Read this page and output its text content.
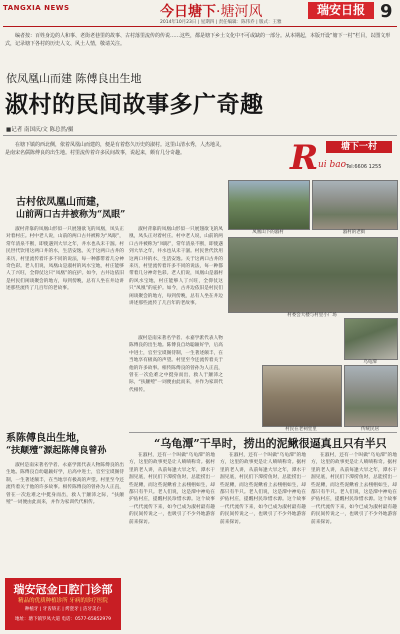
TANGXIA NEWS	今日塘下·塘河风	瑞安日报 9
2014年10月23日 | 星期四 | 责任编辑：陈伟乔 | 版式：王雅
编者按：百姓身边的人和事、老街老巷里的故事、古村落里流传的传说……这些，都是塘下乡土文化中不可或缺的一部分。从本期起，本版开设“塘下一村”栏目，以图文形式，记录塘下各村的历史人文、风土人情，敬请关注。
依凤凰山而建 陈傅良出生地
淑村的民间故事多广奇趣
■记者 南国庆/文 陈总然/摄
在塘下镇的西北侧，依着凤凰山而建的，便是有着悠久历史的淑村。这里山清水秀，人杰地灵，是南宋名儒陈傅良的出生地。村里流传着许多民间故事，说起来，颇有几分奇趣。	R	塘下一村
ui bao Tel:6606 1255
凤凰山下的淑村	淑村的老街
村委会大楼与村里小广场
乌龟潭
村民在老祠堂里	传统民居
古村依凤凰山而建，
山前两口古井被称为“凤眼”
淑村背靠的凤凰山形似一只展翅欲飞的凤凰，凤头正对着村庄。村中老人说，山前的两口古井被称为“凤眼”，常年清泉不断，即使遇到大旱之年，井水也从未干涸。村民世代饮用这两口井的水，生活安逸。关于这两口古井的来历，村里流传着许多不同的说法，每一种都带着几分神奇色彩。老人们说，凤凰山是淑村的风水宝地，村庄能够人丁兴旺，全仰仗这只“凤凰”的庇护。如今，古井边依旧是村民们闲谈聚会的地方，每到傍晚，总有人坐在井边讲述那些流传了几百年的老故事。
淑村背靠的凤凰山形似一只展翅欲飞的凤凰，凤头正对着村庄。村中老人说，山前的两口古井被称为“凤眼”，常年清泉不断，即使遇到大旱之年，井水也从未干涸。村民世代饮用这两口井的水，生活安逸。关于这两口古井的来历，村里流传着许多不同的说法，每一种都带着几分神奇色彩。老人们说，凤凰山是淑村的风水宝地，村庄能够人丁兴旺，全仰仗这只“凤凰”的庇护。如今，古井边依旧是村民们闲谈聚会的地方，每到傍晚，总有人坐在井边讲述那些流传了几百年的老故事。
系陈傅良出生地，
“扶颠殪”源起陈傅良曾孙
淑村是南宋著名学者、永嘉学派代表人物陈傅良的出生地。陈傅良自幼聪颖好学，后高中进士，官至宝谟阁待制，一生著述颇丰，在当地享有极高的声望。村里至今还流传着关于他的许多故事。相传陈傅良的曾孙为人正直，曾在一次危难之中挺身而出，救人于颠沛之际，“扶颠殪”一词便由此而来，并作为家训代代相传。
淑村是南宋著名学者、永嘉学派代表人物陈傅良的出生地。陈傅良自幼聪颖好学，后高中进士，官至宝谟阁待制，一生著述颇丰，在当地享有极高的声望。村里至今还流传着关于他的许多故事。相传陈傅良的曾孙为人正直，曾在一次危难之中挺身而出，救人于颠沛之际，“扶颠殪”一词便由此而来，并作为家训代代相传。
“乌龟潭”干旱时，捞出的泥鳅很逼真且只有半只
在淑村，还有一个叫做“乌龟潭”的地方，这里的故事更是让人啧啧称奇。据村里的老人讲，从前每逢大旱之年，潭水干涸见底，村民们下潭捞鱼时，总能捞出一些泥鳅，而这些泥鳅看上去栩栩如生，却都只有半只。老人们说，这是潭中神龟在护佑村庄，提醒村民珍惜水源。这个故事一代代流传下来，如今已成为淑村最有趣的民间传说之一，也吸引了不少外地游客前来探访。
在淑村，还有一个叫做“乌龟潭”的地方，这里的故事更是让人啧啧称奇。据村里的老人讲，从前每逢大旱之年，潭水干涸见底，村民们下潭捞鱼时，总能捞出一些泥鳅，而这些泥鳅看上去栩栩如生，却都只有半只。老人们说，这是潭中神龟在护佑村庄，提醒村民珍惜水源。这个故事一代代流传下来，如今已成为淑村最有趣的民间传说之一，也吸引了不少外地游客前来探访。
在淑村，还有一个叫做“乌龟潭”的地方，这里的故事更是让人啧啧称奇。据村里的老人讲，从前每逢大旱之年，潭水干涸见底，村民们下潭捞鱼时，总能捞出一些泥鳅，而这些泥鳅看上去栩栩如生，却都只有半只。老人们说，这是潭中神龟在护佑村庄，提醒村民珍惜水源。这个故事一代代流传下来，如今已成为淑村最有趣的民间传说之一，也吸引了不少外地游客前来探访。
瑞安冠金口腔门诊部
精品的优质种植诊所 牙病的诊疗医院
种植牙 | 牙齿矫正 | 烤瓷牙 | 洁牙美白
地址：塘下镇罗凤大道 电话：0577-65852979
